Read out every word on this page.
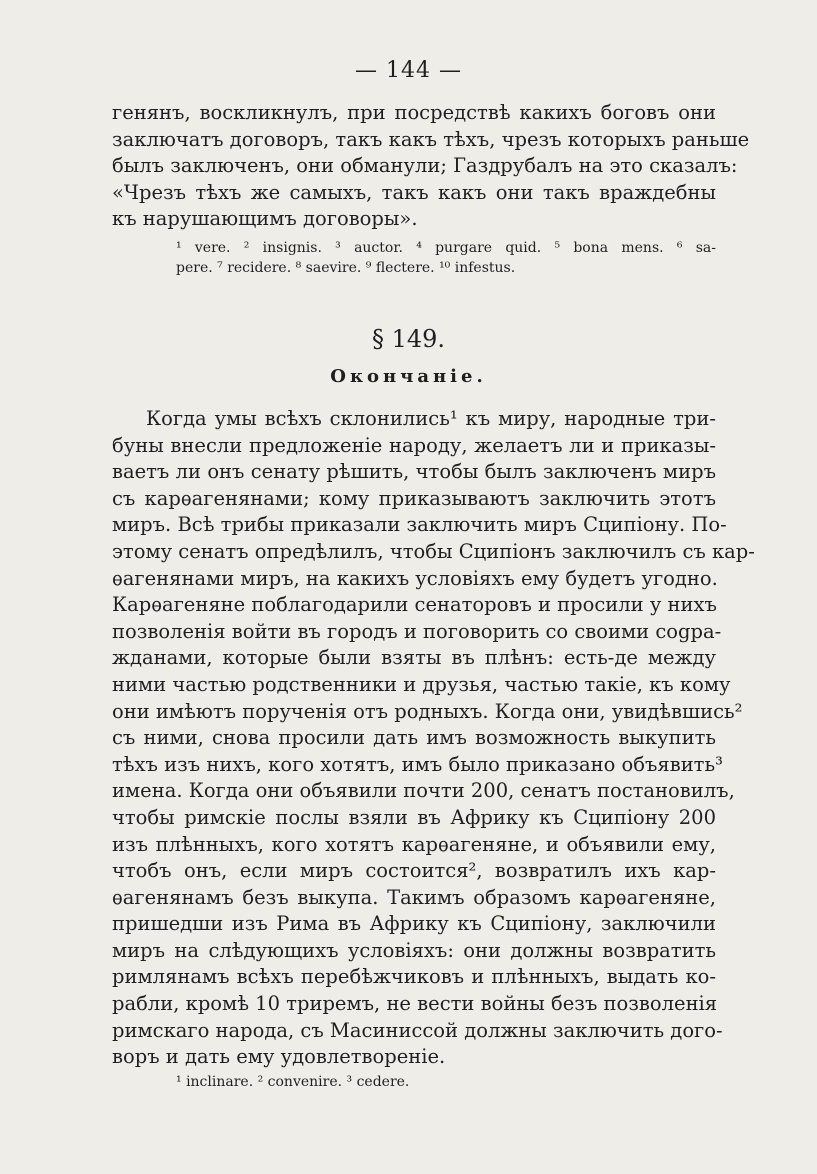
— 144 —
генянъ, воскликнулъ, при посредствѣ какихъ боговъ они
заключатъ договоръ, такъ какъ тѣхъ, чрезъ которыхъ раньше
былъ заключенъ, они обманули; Газдрубалъ на это сказалъ:
«Чрезъ тѣхъ же самыхъ, такъ какъ они такъ враждебны
къ нарушающимъ договоры».
¹ vere. ² insignis. ³ auctor. ⁴ purgare quid. ⁵ bona mens. ⁶ sa-
pere. ⁷ recidere. ⁸ saevire. ⁹ flectere. ¹⁰ infestus.
§ 149.
Окончаніе.
Когда умы всѣхъ склонились¹ къ миру, народные три-
буны внесли предложеніе народу, желаетъ ли и приказы-
ваетъ ли онъ сенату рѣшить, чтобы былъ заключенъ миръ
съ карѳагенянами; кому приказываютъ заключить этотъ
миръ. Всѣ трибы приказали заключить миръ Сципіону. По-
этому сенатъ опредѣлилъ, чтобы Сципіонъ заключилъ съ кар-
ѳагенянами миръ, на какихъ условіяхъ ему будетъ угодно.
Карѳагеняне поблагодарили сенаторовъ и просили у нихъ
позволенія войти въ городъ и поговорить со своими сogра-
жданами, которые были взяты въ плѣнъ: есть-де между
ними частью родственники и друзья, частью такіе, къ кому
они имѣютъ порученія отъ родныхъ. Когда они, увидѣвшись²
съ ними, снова просили дать имъ возможность выкупить
тѣхъ изъ нихъ, кого хотятъ, имъ было приказано объявить³
имена. Когда они объявили почти 200, сенатъ постановилъ,
чтобы римскіе послы взяли въ Африку къ Сципіону 200
изъ плѣнныхъ, кого хотятъ карѳагеняне, и объявили ему,
чтобъ онъ, если миръ состоится², возвратилъ ихъ кар-
ѳагенянамъ безъ выкупа. Такимъ образомъ карѳагеняне,
пришедши изъ Рима въ Африку къ Сципіону, заключили
миръ на слѣдующихъ условіяхъ: они должны возвратить
римлянамъ всѣхъ перебѣжчиковъ и плѣнныхъ, выдать ко-
рабли, кромѣ 10 триремъ, не вести войны безъ позволенія
римскаго народа, съ Масиниссой должны заключить дого-
воръ и дать ему удовлетвореніе.
¹ inclinare. ² convenire. ³ cedere.
